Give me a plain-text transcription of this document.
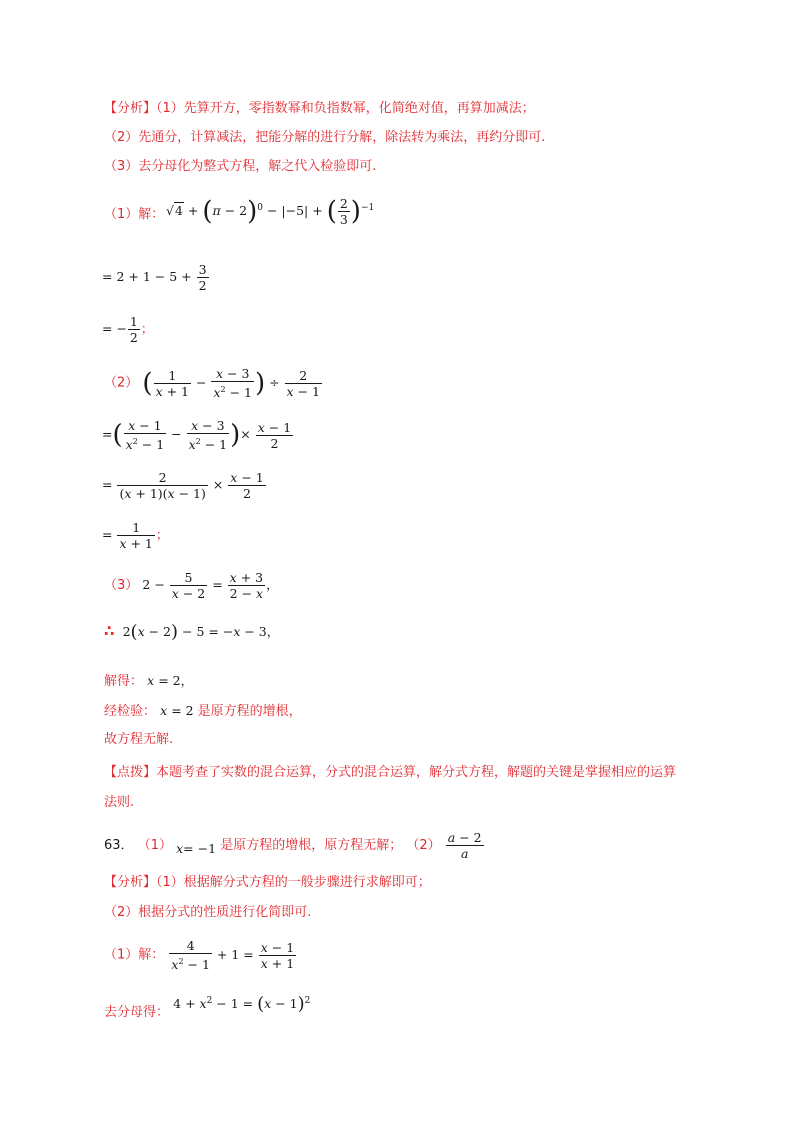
【分析】（1）先算开方，零指数幂和负指数幂，化简绝对值，再算加减法；
（2）先通分，计算减法，把能分解的进行分解，除法转为乘法，再约分即可.
（3）去分母化为整式方程，解之代入检验即可.
（1）解： $√4 + (\pi - 2)^0 - |-5|$ + ( $\frac{2}{3} )^{-1}$
= $2 + 1 - 5 + \frac{3}{2}$
= − $\frac{1}{2}$ ；
（2） ( $\frac{1}{x + 1} - \frac{x - 3}{x^2 - 1}$ ) ÷ $\frac{2}{x - 1}$
=( $\frac{x - 1}{x^2 - 1} - \frac{x - 3}{x^2 - 1}$ )× $\frac{x - 1}{2}$
= $\frac{2}{(x + 1)(x - 1)} \times \frac{x - 1}{2}$
= $\frac{1}{x + 1}$ ；
（3） $2 - \frac{5}{x - 2} = \frac{x + 3}{2 - x}$ ，
∴ 2(x − 2) − 5 = −x − 3，
解得： x = 2，
经检验： x = 2 是原方程的增根，
故方程无解.
【点拨】本题考查了实数的混合运算，分式的混合运算，解分式方程，解题的关键是掌握相应的运算
法则.
63． （1） x= −1 是原方程的增根，原方程无解； $(2) \frac{a - 2}{a}$
【分析】（1）根据解分式方程的一般步骤进行求解即可；
（2）根据分式的性质进行化简即可.
（1）解： $\frac{4}{x^2 - 1} + 1 = \frac{x - 1}{x + 1}$
去分母得： $4 + x^2 - 1 = (x - 1)^2$
